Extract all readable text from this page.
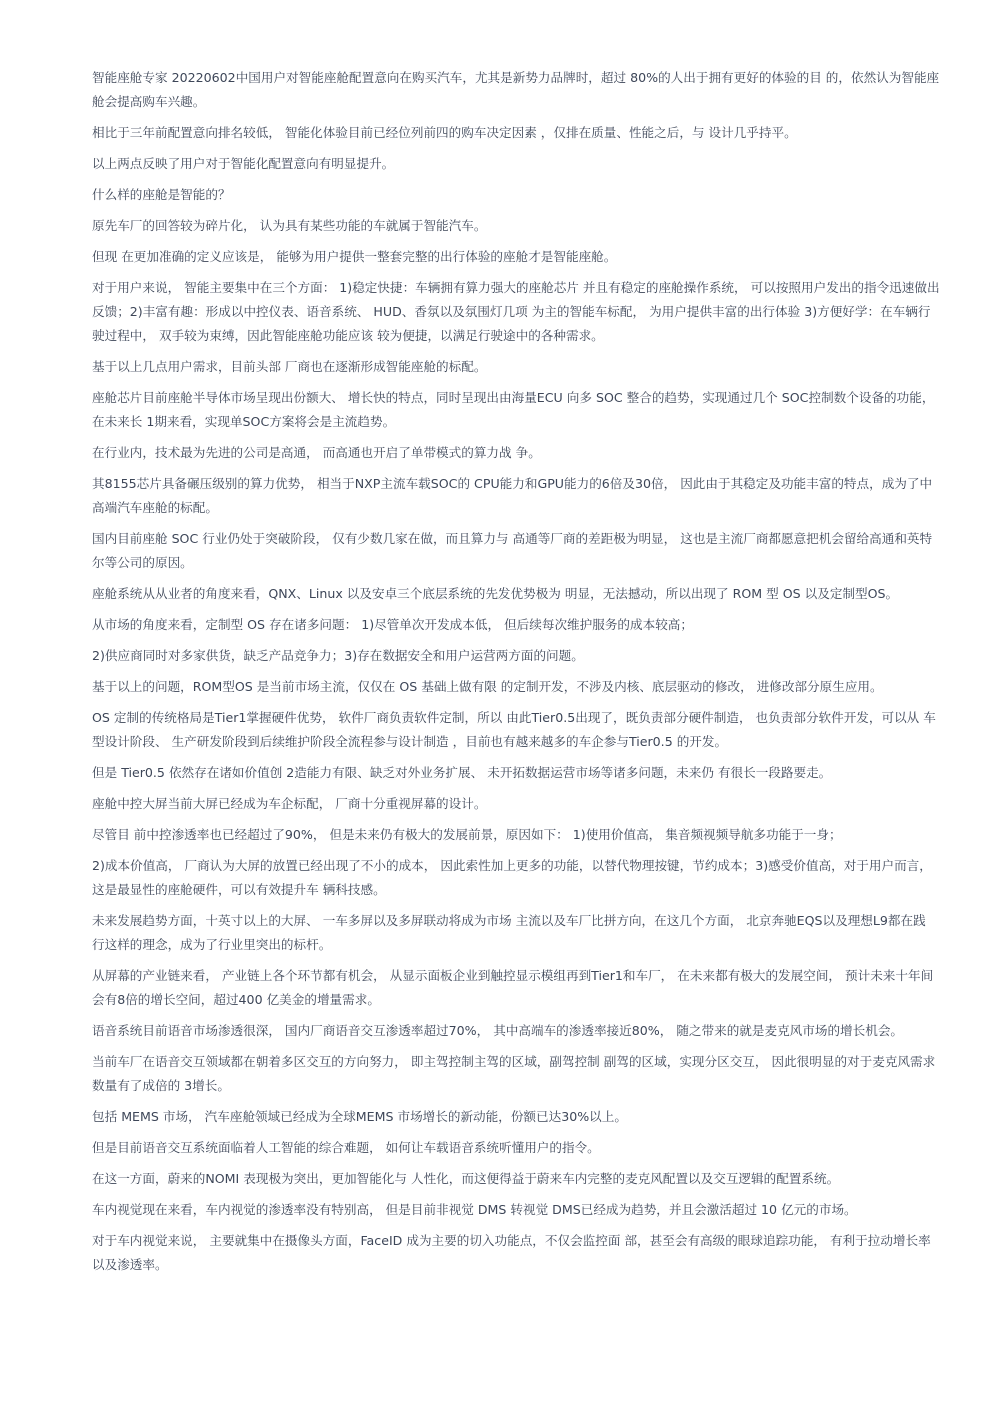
智能座舱专家 20220602中国用户对智能座舱配置意向在购买汽车，尤其是新势力品牌时，超过 80%的人出于拥有更好的体验的目 的，依然认为智能座舱会提高购车兴趣。

相比于三年前配置意向排名较低， 智能化体验目前已经位列前四的购车决定因素 ，仅排在质量、性能之后，与 设计几乎持平。

以上两点反映了用户对于智能化配置意向有明显提升。

什么样的座舱是智能的？

原先车厂的回答较为碎片化， 认为具有某些功能的车就属于智能汽车。

但现 在更加准确的定义应该是， 能够为用户提供一整套完整的出行体验的座舱才是智能座舱。

对于用户来说， 智能主要集中在三个方面： 1)稳定快捷：车辆拥有算力强大的座舱芯片 并且有稳定的座舱操作系统， 可以按照用户发出的指令迅速做出反馈；2)丰富有趣：形成以中控仪表、语音系统、 HUD、香氛以及氛围灯几项 为主的智能车标配， 为用户提供丰富的出行体验 3)方便好学：在车辆行驶过程中， 双手较为束缚，因此智能座舱功能应该 较为便捷，以满足行驶途中的各种需求。

基于以上几点用户需求，目前头部 厂商也在逐渐形成智能座舱的标配。

座舱芯片目前座舱半导体市场呈现出份额大、 增长快的特点，同时呈现出由海量ECU 向多 SOC 整合的趋势，实现通过几个 SOC控制数个设备的功能，在未来长 1期来看，实现单SOC方案将会是主流趋势。

在行业内，技术最为先进的公司是高通， 而高通也开启了单带模式的算力战 争。

其8155芯片具备碾压级别的算力优势， 相当于NXP主流车载SOC的 CPU能力和GPU能力的6倍及30倍， 因此由于其稳定及功能丰富的特点，成为了中高端汽车座舱的标配。

国内目前座舱 SOC 行业仍处于突破阶段， 仅有少数几家在做，而且算力与 高通等厂商的差距极为明显， 这也是主流厂商都愿意把机会留给高通和英特 尔等公司的原因。

座舱系统从从业者的角度来看，QNX、Linux 以及安卓三个底层系统的先发优势极为 明显，无法撼动，所以出现了 ROM 型 OS 以及定制型OS。

从市场的角度来看，定制型 OS 存在诸多问题： 1)尽管单次开发成本低， 但后续每次维护服务的成本较高；

2)供应商同时对多家供货，缺乏产品竞争力；3)存在数据安全和用户运营两方面的问题。

基于以上的问题，ROM型OS 是当前市场主流，仅仅在 OS 基础上做有限 的定制开发，不涉及内核、底层驱动的修改， 进修改部分原生应用。

OS 定制的传统格局是Tier1掌握硬件优势， 软件厂商负责软件定制，所以 由此Tier0.5出现了，既负责部分硬件制造， 也负责部分软件开发，可以从 车型设计阶段、 生产研发阶段到后续维护阶段全流程参与设计制造 ，目前也有越来越多的车企参与Tier0.5 的开发。

但是 Tier0.5 依然存在诸如价值创 2造能力有限、缺乏对外业务扩展、 未开拓数据运营市场等诸多问题，未来仍 有很长一段路要走。

座舱中控大屏当前大屏已经成为车企标配， 厂商十分重视屏幕的设计。

尽管目 前中控渗透率也已经超过了90%， 但是未来仍有极大的发展前景，原因如下： 1)使用价值高， 集音频视频导航多功能于一身；

2)成本价值高， 厂商认为大屏的放置已经出现了不小的成本， 因此索性加上更多的功能，以替代物理按键，节约成本；3)感受价值高，对于用户而言， 这是最显性的座舱硬件，可以有效提升车 辆科技感。

未来发展趋势方面，十英寸以上的大屏、 一车多屏以及多屏联动将成为市场 主流以及车厂比拼方向，在这几个方面， 北京奔驰EQS以及理想L9都在践 行这样的理念，成为了行业里突出的标杆。

从屏幕的产业链来看， 产业链上各个环节都有机会， 从显示面板企业到触控显示模组再到Tier1和车厂， 在未来都有极大的发展空间， 预计未来十年间会有8倍的增长空间，超过400 亿美金的增量需求。

语音系统目前语音市场渗透很深， 国内厂商语音交互渗透率超过70%， 其中高端车的渗透率接近80%， 随之带来的就是麦克风市场的增长机会。

当前车厂在语音交互领域都在朝着多区交互的方向努力， 即主驾控制主驾的区域，副驾控制 副驾的区域，实现分区交互， 因此很明显的对于麦克风需求数量有了成倍的 3增长。

包括 MEMS 市场， 汽车座舱领域已经成为全球MEMS 市场增长的新动能，份额已达30%以上。

但是目前语音交互系统面临着人工智能的综合难题， 如何让车载语音系统听懂用户的指令。

在这一方面，蔚来的NOMI 表现极为突出，更加智能化与 人性化，而这便得益于蔚来车内完整的麦克风配置以及交互逻辑的配置系统。

车内视觉现在来看，车内视觉的渗透率没有特别高， 但是目前非视觉 DMS 转视觉 DMS已经成为趋势，并且会激活超过 10 亿元的市场。

对于车内视觉来说， 主要就集中在摄像头方面，FaceID 成为主要的切入功能点，不仅会监控面 部，甚至会有高级的眼球追踪功能， 有利于拉动增长率以及渗透率。
